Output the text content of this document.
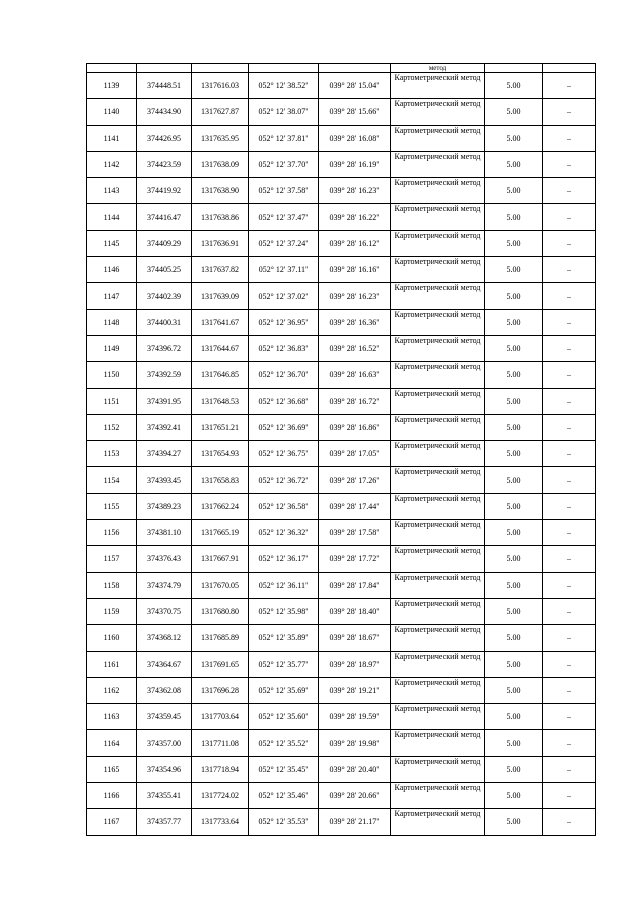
					метод		
1139	374448.51	1317616.03	052° 12' 38.52"	039° 28' 15.04"	Картометрический метод	5.00	–
1140	374434.90	1317627.87	052° 12' 38.07"	039° 28' 15.66"	Картометрический метод	5.00	–
1141	374426.95	1317635.95	052° 12' 37.81"	039° 28' 16.08"	Картометрический метод	5.00	–
1142	374423.59	1317638.09	052° 12' 37.70"	039° 28' 16.19"	Картометрический метод	5.00	–
1143	374419.92	1317638.90	052° 12' 37.58"	039° 28' 16.23"	Картометрический метод	5.00	–
1144	374416.47	1317638.86	052° 12' 37.47"	039° 28' 16.22"	Картометрический метод	5.00	–
1145	374409.29	1317636.91	052° 12' 37.24"	039° 28' 16.12"	Картометрический метод	5.00	–
1146	374405.25	1317637.82	052° 12' 37.11"	039° 28' 16.16"	Картометрический метод	5.00	–
1147	374402.39	1317639.09	052° 12' 37.02"	039° 28' 16.23"	Картометрический метод	5.00	–
1148	374400.31	1317641.67	052° 12' 36.95"	039° 28' 16.36"	Картометрический метод	5.00	–
1149	374396.72	1317644.67	052° 12' 36.83"	039° 28' 16.52"	Картометрический метод	5.00	–
1150	374392.59	1317646.85	052° 12' 36.70"	039° 28' 16.63"	Картометрический метод	5.00	–
1151	374391.95	1317648.53	052° 12' 36.68"	039° 28' 16.72"	Картометрический метод	5.00	–
1152	374392.41	1317651.21	052° 12' 36.69"	039° 28' 16.86"	Картометрический метод	5.00	–
1153	374394.27	1317654.93	052° 12' 36.75"	039° 28' 17.05"	Картометрический метод	5.00	–
1154	374393.45	1317658.83	052° 12' 36.72"	039° 28' 17.26"	Картометрический метод	5.00	–
1155	374389.23	1317662.24	052° 12' 36.58"	039° 28' 17.44"	Картометрический метод	5.00	–
1156	374381.10	1317665.19	052° 12' 36.32"	039° 28' 17.58"	Картометрический метод	5.00	–
1157	374376.43	1317667.91	052° 12' 36.17"	039° 28' 17.72"	Картометрический метод	5.00	–
1158	374374.79	1317670.05	052° 12' 36.11"	039° 28' 17.84"	Картометрический метод	5.00	–
1159	374370.75	1317680.80	052° 12' 35.98"	039° 28' 18.40"	Картометрический метод	5.00	–
1160	374368.12	1317685.89	052° 12' 35.89"	039° 28' 18.67"	Картометрический метод	5.00	–
1161	374364.67	1317691.65	052° 12' 35.77"	039° 28' 18.97"	Картометрический метод	5.00	–
1162	374362.08	1317696.28	052° 12' 35.69"	039° 28' 19.21"	Картометрический метод	5.00	–
1163	374359.45	1317703.64	052° 12' 35.60"	039° 28' 19.59"	Картометрический метод	5.00	–
1164	374357.00	1317711.08	052° 12' 35.52"	039° 28' 19.98"	Картометрический метод	5.00	–
1165	374354.96	1317718.94	052° 12' 35.45"	039° 28' 20.40"	Картометрический метод	5.00	–
1166	374355.41	1317724.02	052° 12' 35.46"	039° 28' 20.66"	Картометрический метод	5.00	–
1167	374357.77	1317733.64	052° 12' 35.53"	039° 28' 21.17"	Картометрический метод	5.00	–
